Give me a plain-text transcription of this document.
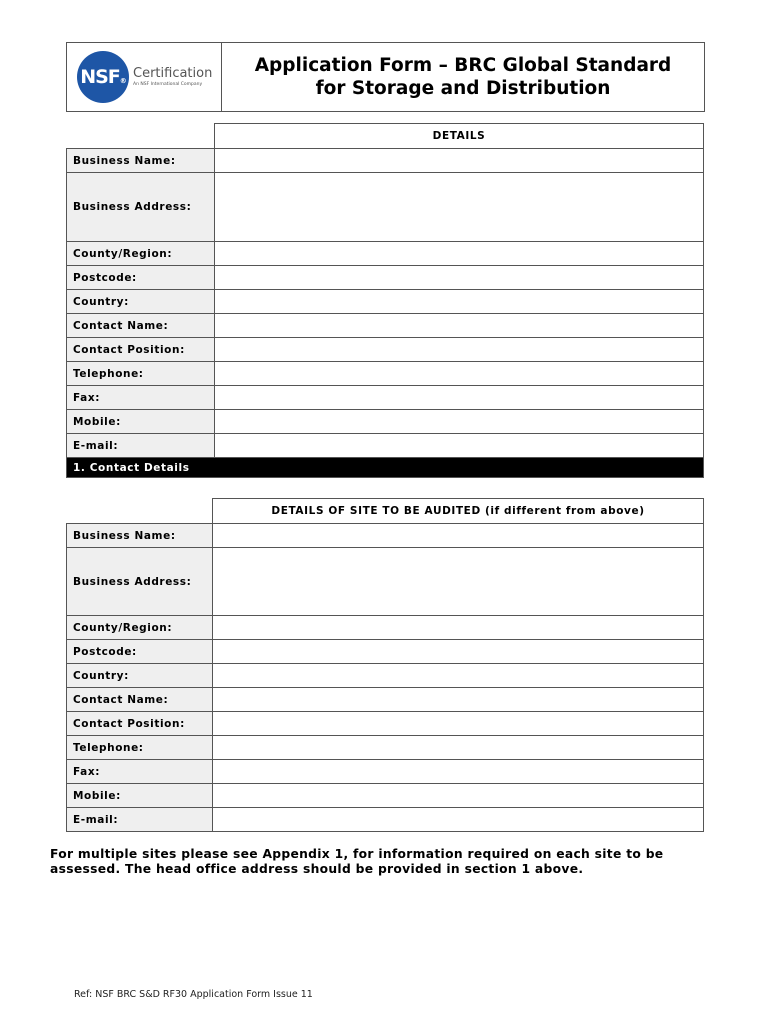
NSF ®
Certification
An NSF International Company
Application Form – BRC Global Standard
for Storage and Distribution
	DETAILS
Business Name:	
Business Address:	
County/Region:	
Postcode:	

Country:	
Contact Name:	
Contact Position:	
Telephone:	
Fax:	
Mobile:	
E-mail:	
1. Contact Details	
	DETAILS OF SITE TO BE AUDITED (if different from above)
Business Name:	
Business Address:	
County/Region:	
Postcode:	

Country:	
Contact Name:	
Contact Position:	
Telephone:	
Fax:	
Mobile:	
E-mail:	
For multiple sites please see Appendix 1, for information required on each site to be assessed. The head office address should be provided in section 1 above.
Ref: NSF BRC S&D RF30 Application Form Issue 11
